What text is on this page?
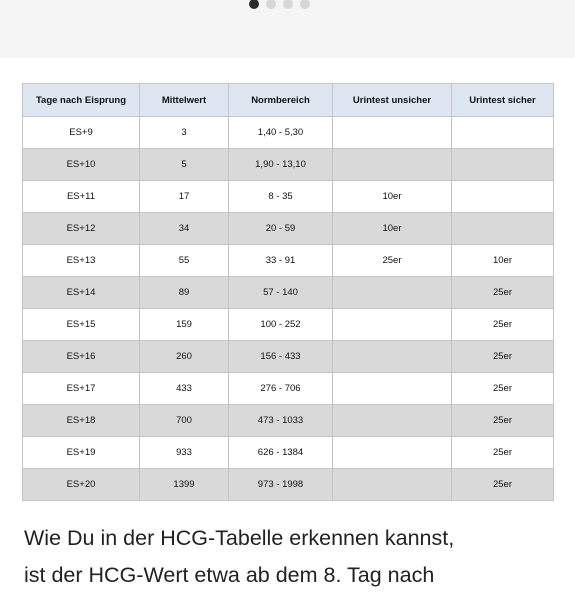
Tage nach Eisprung	Mittelwert	Normbereich	Urintest unsicher	Urintest sicher
ES+9	3	1,40 - 5,30		
ES+10	5	1,90 - 13,10		
ES+11	17	8 - 35	10er	
ES+12	34	20 - 59	10er	
ES+13	55	33 - 91	25er	10er
ES+14	89	57 - 140		25er
ES+15	159	100 - 252		25er
ES+16	260	156 - 433		25er
ES+17	433	276 - 706		25er
ES+18	700	473 - 1033		25er
ES+19	933	626 - 1384		25er
ES+20	1399	973 - 1998		25er

Wie Du in der HCG-Tabelle erkennen kannst,
ist der HCG-Wert etwa ab dem 8. Tag nach
